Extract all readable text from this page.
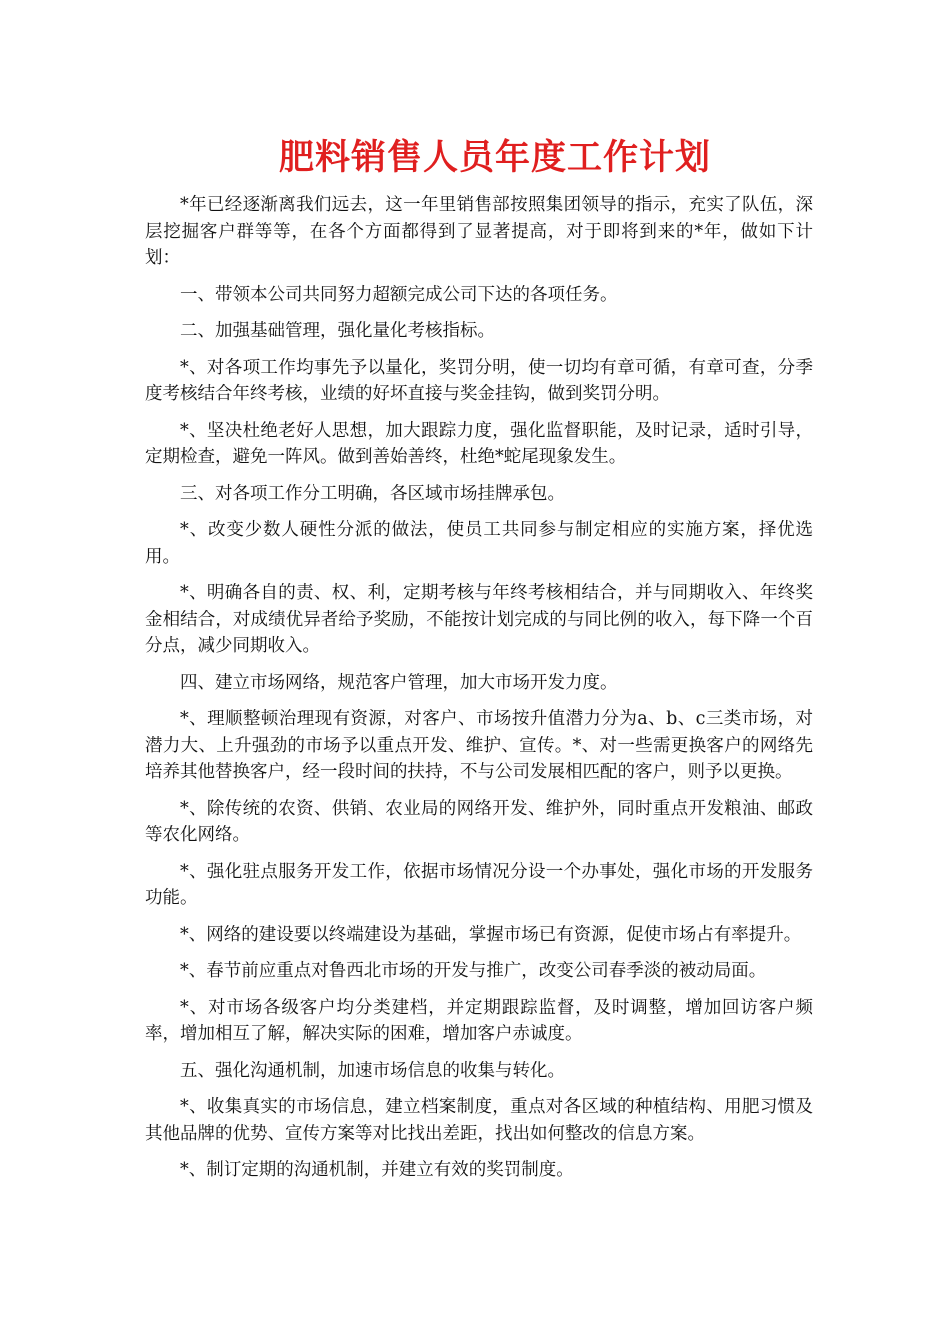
肥料销售人员年度工作计划

*年已经逐渐离我们远去，这一年里销售部按照集团领导的指示，充实了队伍，深层挖掘客户群等等，在各个方面都得到了显著提高，对于即将到来的*年，做如下计划：

一、带领本公司共同努力超额完成公司下达的各项任务。

二、加强基础管理，强化量化考核指标。

*、对各项工作均事先予以量化，奖罚分明，使一切均有章可循，有章可查，分季度考核结合年终考核，业绩的好坏直接与奖金挂钩，做到奖罚分明。

*、坚决杜绝老好人思想，加大跟踪力度，强化监督职能，及时记录，适时引导，定期检查，避免一阵风。做到善始善终，杜绝*蛇尾现象发生。

三、对各项工作分工明确，各区域市场挂牌承包。

*、改变少数人硬性分派的做法，使员工共同参与制定相应的实施方案，择优选用。

*、明确各自的责、权、利，定期考核与年终考核相结合，并与同期收入、年终奖金相结合，对成绩优异者给予奖励，不能按计划完成的与同比例的收入，每下降一个百分点，减少同期收入。

四、建立市场网络，规范客户管理，加大市场开发力度。

*、理顺整顿治理现有资源，对客户、市场按升值潜力分为a、b、c三类市场，对潜力大、上升强劲的市场予以重点开发、维护、宣传。*、对一些需更换客户的网络先培养其他替换客户，经一段时间的扶持，不与公司发展相匹配的客户，则予以更换。

*、除传统的农资、供销、农业局的网络开发、维护外，同时重点开发粮油、邮政等农化网络。

*、强化驻点服务开发工作，依据市场情况分设一个办事处，强化市场的开发服务功能。

*、网络的建设要以终端建设为基础，掌握市场已有资源，促使市场占有率提升。

*、春节前应重点对鲁西北市场的开发与推广，改变公司春季淡的被动局面。

*、对市场各级客户均分类建档，并定期跟踪监督，及时调整，增加回访客户频率，增加相互了解，解决实际的困难，增加客户赤诚度。

五、强化沟通机制，加速市场信息的收集与转化。

*、收集真实的市场信息，建立档案制度，重点对各区域的种植结构、用肥习惯及其他品牌的优势、宣传方案等对比找出差距，找出如何整改的信息方案。

*、制订定期的沟通机制，并建立有效的奖罚制度。
